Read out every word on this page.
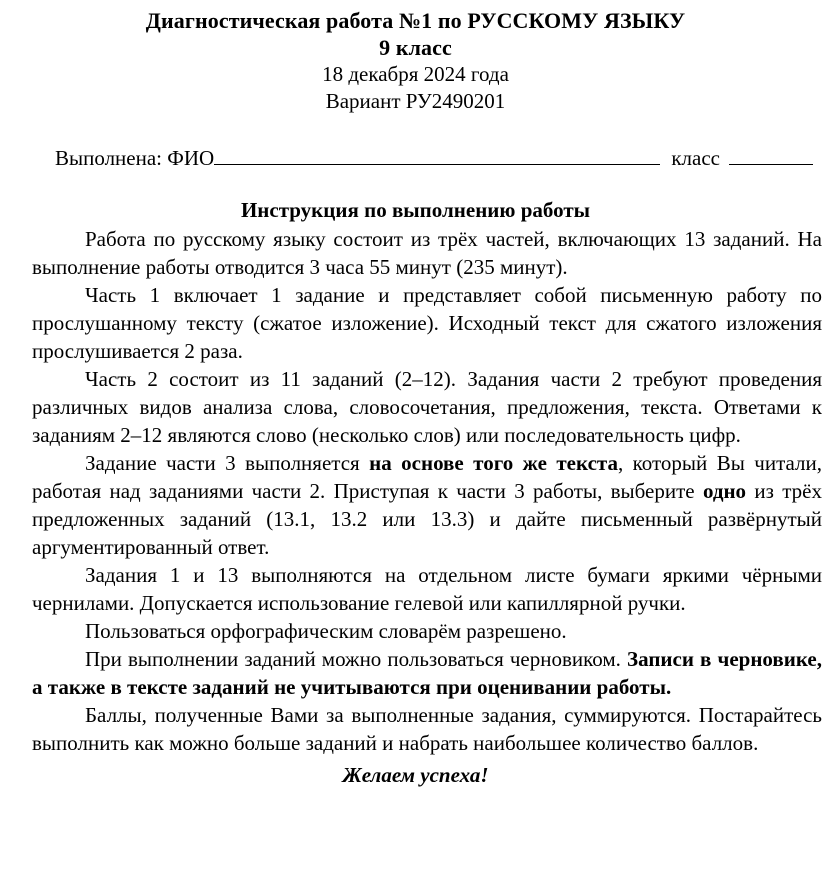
Диагностическая работа №1 по РУССКОМУ ЯЗЫКУ
9 класс
18 декабря 2024 года
Вариант РУ2490201
Выполнена: ФИО	класс
Инструкция по выполнению работы

Работа по русскому языку состоит из трёх частей, включающих 13 заданий. На выполнение работы отводится 3 часа 55 минут (235 минут).

Часть 1 включает 1 задание и представляет собой письменную работу по прослушанному тексту (сжатое изложение). Исходный текст для сжатого изложения прослушивается 2 раза.

Часть 2 состоит из 11 заданий (2–12). Задания части 2 требуют проведения различных видов анализа слова, словосочетания, предложения, текста. Ответами к заданиям 2–12 являются слово (несколько слов) или последовательность цифр.

Задание части 3 выполняется на основе того же текста, который Вы читали, работая над заданиями части 2. Приступая к части 3 работы, выберите одно из трёх предложенных заданий (13.1, 13.2 или 13.3) и дайте письменный развёрнутый аргументированный ответ.

Задания 1 и 13 выполняются на отдельном листе бумаги яркими чёрными чернилами. Допускается использование гелевой или капиллярной ручки.

Пользоваться орфографическим словарём разрешено.

При выполнении заданий можно пользоваться черновиком. Записи в черновике, а также в тексте заданий не учитываются при оценивании работы.

Баллы, полученные Вами за выполненные задания, суммируются. Постарайтесь выполнить как можно больше заданий и набрать наибольшее количество баллов.

Желаем успеха!
